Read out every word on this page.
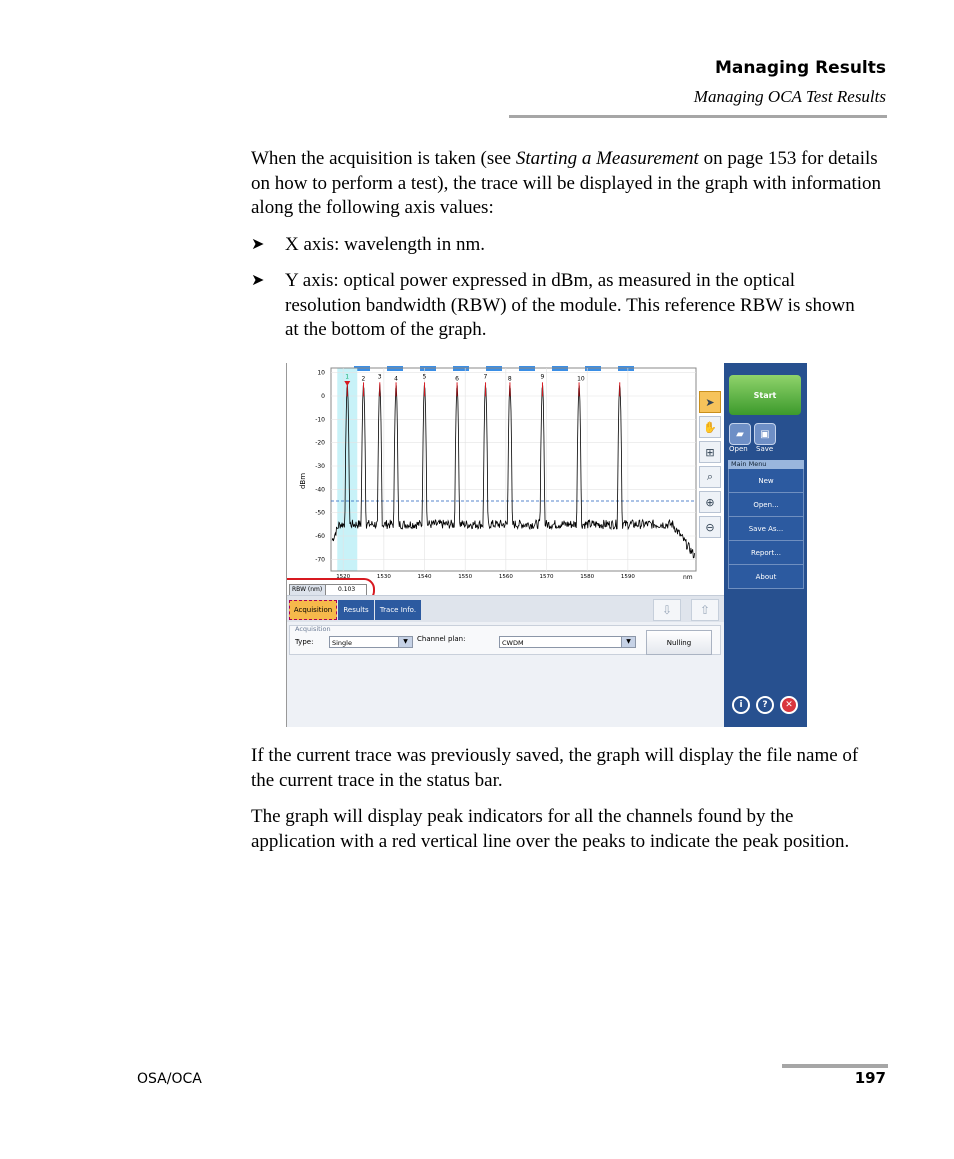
Managing Results
Managing OCA Test Results
When the acquisition is taken (see Starting a Measurement on page 153 for details on how to perform a test), the trace will be displayed in the graph with information along the following axis values:
➤ X axis: wavelength in nm.
➤ Y axis: optical power expressed in dBm, as measured in the optical resolution bandwidth (RBW) of the module. This reference RBW is shown at the bottom of the graph.
10
0
-10
-20
-30
-40
-50
-60
-70
1520	1530	1540	1550	1560	1570	1580	1590	nm
dBm
1 2 3 4	5	6	7	8	9	10
RBW (nm)	0.103
➤
✋
⊞
⌕
⊕
⊖
Start
▰	▣
Open Save
Main Menu
New
Open...
Save As...
Report...
About
i	?	✕
Acquisition	Results	Trace Info.	⇩	⇧
Acquisition
Type:	Single	▼	Channel plan:	CWDM	▼	Nulling
If the current trace was previously saved, the graph will display the file name of the current trace in the status bar.
The graph will display peak indicators for all the channels found by the application with a red vertical line over the peaks to indicate the peak position.
OSA/OCA	197
